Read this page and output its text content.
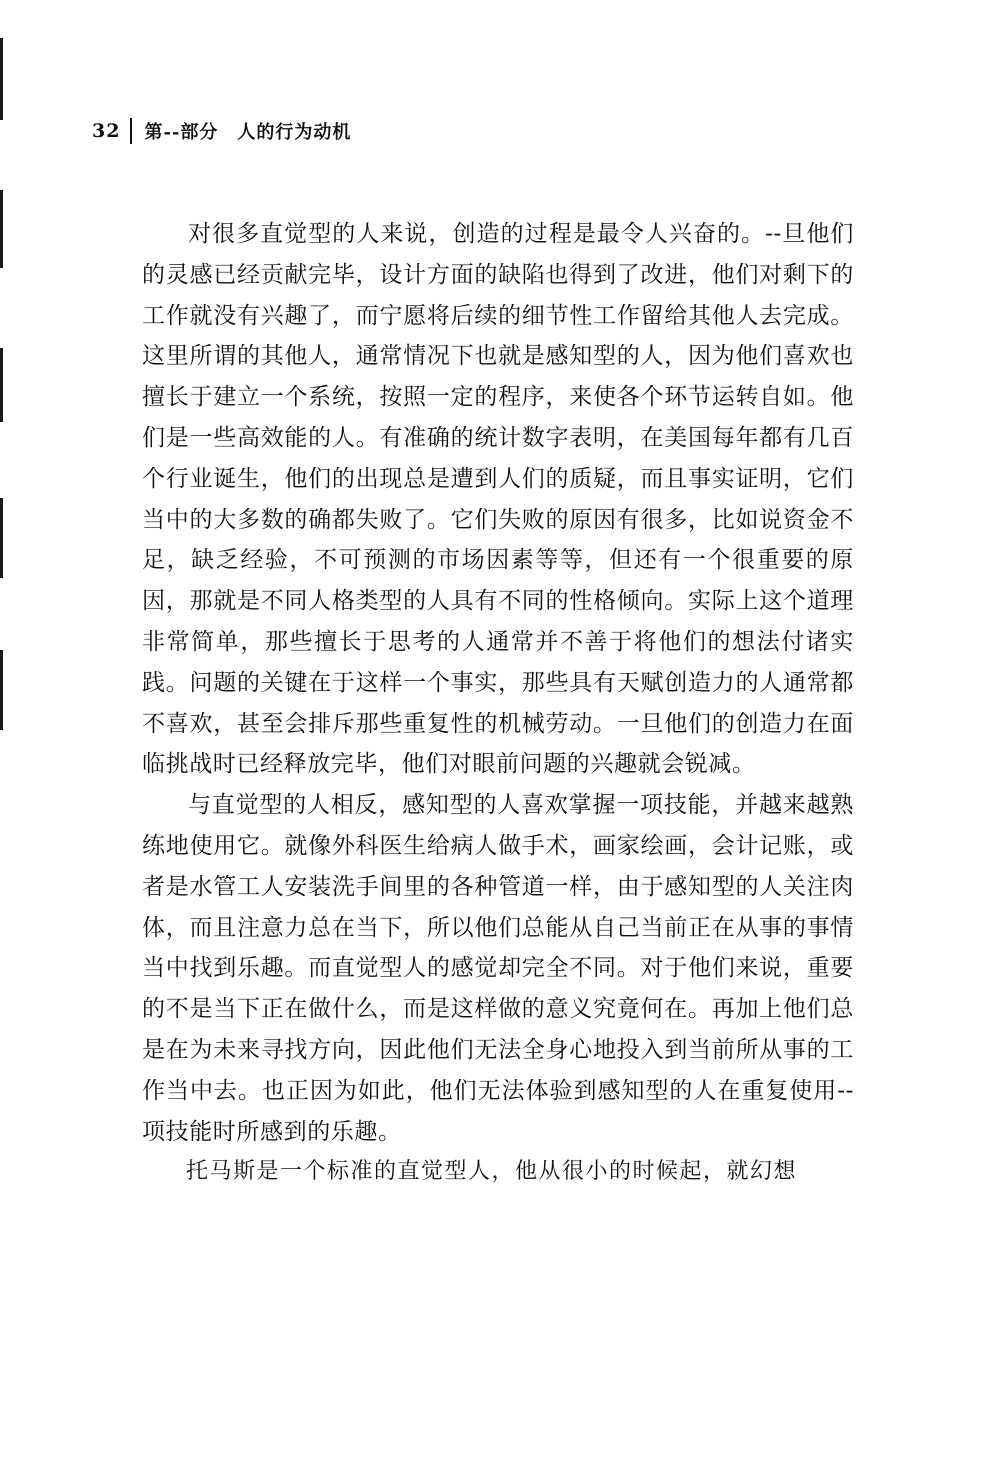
32 第--部分　人的行为动机

对很多直觉型的人来说，创造的过程是最令人兴奋的。--旦他们的灵感已经贡献完毕，设计方面的缺陷也得到了改进，他们对剩下的工作就没有兴趣了，而宁愿将后续的细节性工作留给其他人去完成。这里所谓的其他人，通常情况下也就是感知型的人，因为他们喜欢也擅长于建立一个系统，按照一定的程序，来使各个环节运转自如。他们是一些高效能的人。有准确的统计数字表明，在美国每年都有几百个行业诞生，他们的出现总是遭到人们的质疑，而且事实证明，它们当中的大多数的确都失败了。它们失败的原因有很多，比如说资金不足，缺乏经验，不可预测的市场因素等等，但还有一个很重要的原因，那就是不同人格类型的人具有不同的性格倾向。实际上这个道理非常简单，那些擅长于思考的人通常并不善于将他们的想法付诸实践。问题的关键在于这样一个事实，那些具有天赋创造力的人通常都不喜欢，甚至会排斥那些重复性的机械劳动。一旦他们的创造力在面临挑战时已经释放完毕，他们对眼前问题的兴趣就会锐减。

与直觉型的人相反，感知型的人喜欢掌握一项技能，并越来越熟练地使用它。就像外科医生给病人做手术，画家绘画，会计记账，或者是水管工人安装洗手间里的各种管道一样，由于感知型的人关注肉体，而且注意力总在当下，所以他们总能从自己当前正在从事的事情当中找到乐趣。而直觉型人的感觉却完全不同。对于他们来说，重要的不是当下正在做什么，而是这样做的意义究竟何在。再加上他们总是在为未来寻找方向，因此他们无法全身心地投入到当前所从事的工作当中去。也正因为如此，他们无法体验到感知型的人在重复使用--项技能时所感到的乐趣。

托马斯是一个标准的直觉型人，他从很小的时候起，就幻想
